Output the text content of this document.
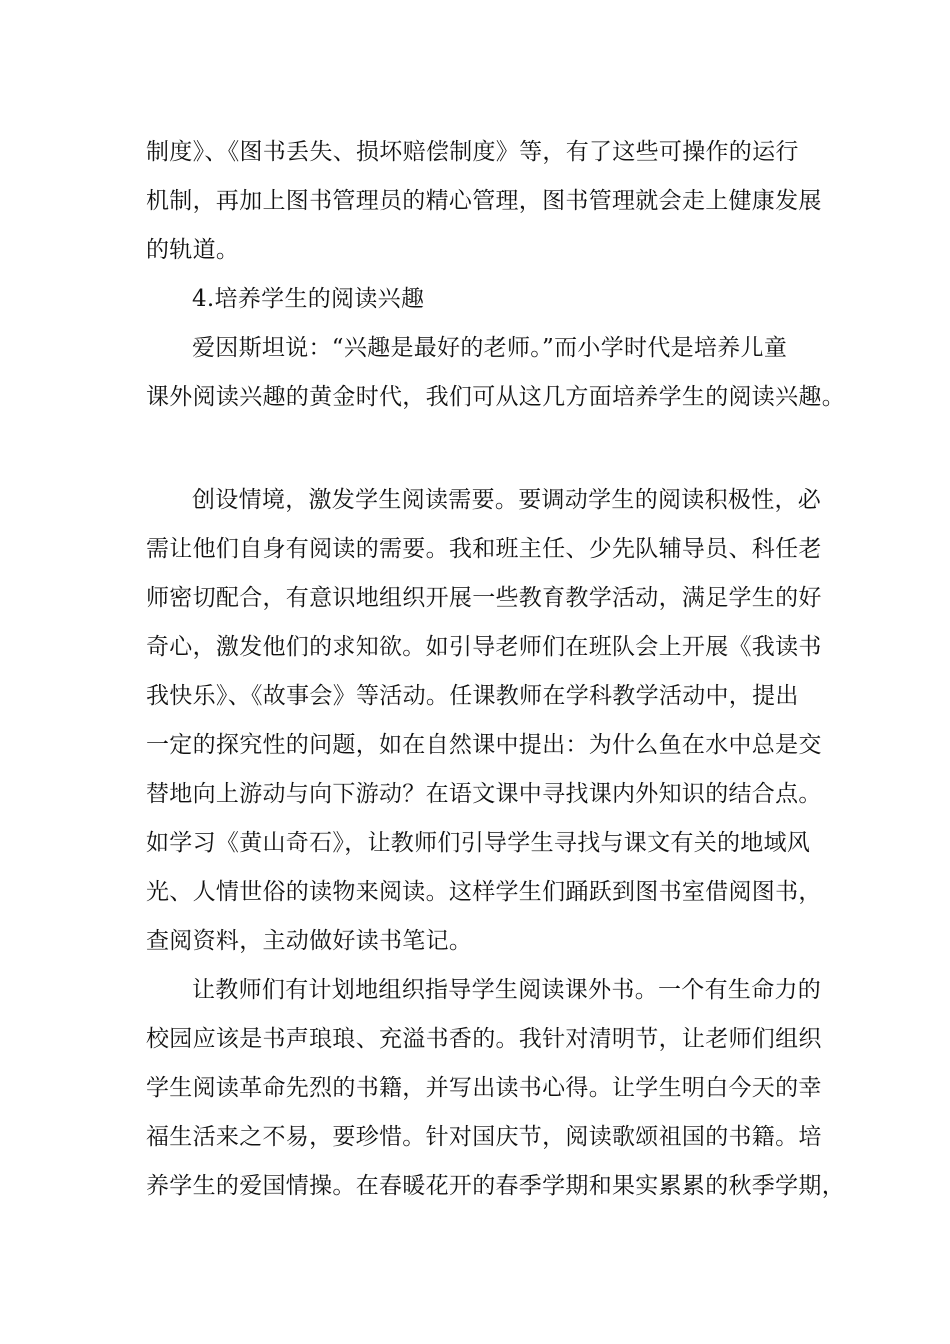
制度》、《图书丢失、损坏赔偿制度》等，有了这些可操作的运行
机制，再加上图书管理员的精心管理，图书管理就会走上健康发展
的轨道。
4.培养学生的阅读兴趣
爱因斯坦说：“兴趣是最好的老师。”而小学时代是培养儿童
课外阅读兴趣的黄金时代，我们可从这几方面培养学生的阅读兴趣。
创设情境，激发学生阅读需要。要调动学生的阅读积极性，必
需让他们自身有阅读的需要。我和班主任、少先队辅导员、科任老
师密切配合，有意识地组织开展一些教育教学活动，满足学生的好
奇心，激发他们的求知欲。如引导老师们在班队会上开展《我读书
我快乐》、《故事会》等活动。任课教师在学科教学活动中，提出
一定的探究性的问题，如在自然课中提出：为什么鱼在水中总是交
替地向上游动与向下游动？在语文课中寻找课内外知识的结合点。
如学习《黄山奇石》，让教师们引导学生寻找与课文有关的地域风
光、人情世俗的读物来阅读。这样学生们踊跃到图书室借阅图书，
查阅资料，主动做好读书笔记。
让教师们有计划地组织指导学生阅读课外书。一个有生命力的
校园应该是书声琅琅、充溢书香的。我针对清明节，让老师们组织
学生阅读革命先烈的书籍，并写出读书心得。让学生明白今天的幸
福生活来之不易，要珍惜。针对国庆节，阅读歌颂祖国的书籍。培
养学生的爱国情操。在春暖花开的春季学期和果实累累的秋季学期，
